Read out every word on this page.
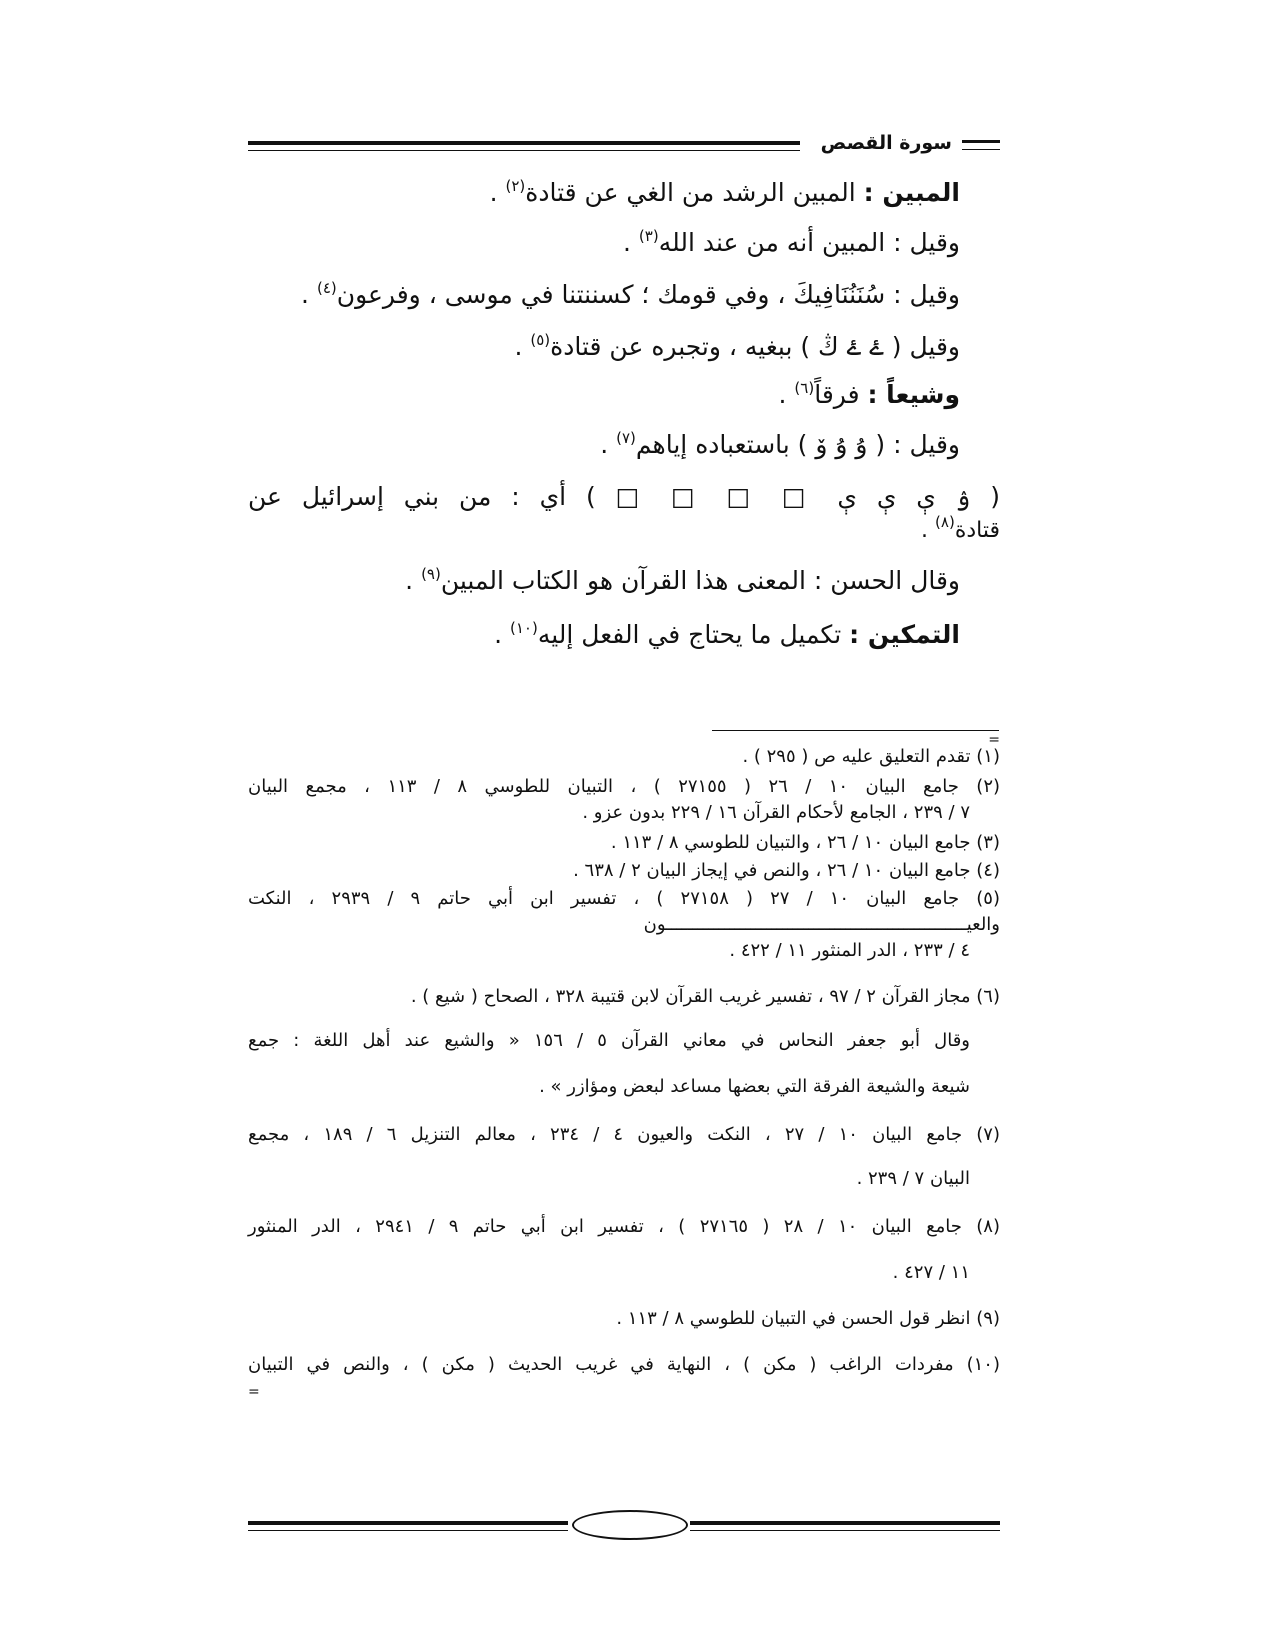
سورة القصص
المبين : المبين الرشد من الغي عن قتادة$^{(٢)}$ .
وقيل : المبين أنه من عند الله$^{(٣)}$ .
وقيل : سُنَنُنَافِيكَ ، وفي قومك ؛ كسننتنا في موسى ، وفرعون$^{(٤)}$ .
وقيل ( ۓ ۓ ﯓ ) ببغيه ، وتجبره عن قتادة$^{(٥)}$ .
وشيعاً : فرقاً$^{(٦)}$ .
وقيل : ( ۇ ۇ ۆ ) باستعباده إياهم$^{(٧)}$ .
( ۉ ې ې ې □ □ □ □ ) أي : من بني إسرائيل عن
قتادة$^{(٨)}$ .
وقال الحسن : المعنى هذا القرآن هو الكتاب المبين$^{(٩)}$ .
التمكين : تكميل ما يحتاج في الفعل إليه$^{(١٠)}$ .
=
(١) تقدم التعليق عليه ص ( ٢٩٥ ) .
(٢) جامع البيان ١٠ / ٢٦ ( ٢٧١٥٥ ) ، التبيان للطوسي ٨ / ١١٣ ، مجمع البيان
٧ / ٢٣٩ ، الجامع لأحكام القرآن ١٦ / ٢٢٩ بدون عزو .
(٣) جامع البيان ١٠ / ٢٦ ، والتبيان للطوسي ٨ / ١١٣ .
(٤) جامع البيان ١٠ / ٢٦ ، والنص في إيجاز البيان ٢ / ٦٣٨ .
(٥) جامع البيان ١٠ / ٢٧ ( ٢٧١٥٨ ) ، تفسير ابن أبي حاتم ٩ / ٢٩٣٩ ، النكت
والعيـــــــــــــــــــــــــــــــــــــــــــــــــــــــــون
٤ / ٢٣٣ ، الدر المنثور ١١ / ٤٢٢ .
(٦) مجاز القرآن ٢ / ٩٧ ، تفسير غريب القرآن لابن قتيبة ٣٢٨ ، الصحاح ( شيع ) .
وقال أبو جعفر النحاس في معاني القرآن ٥ / ١٥٦ « والشيع عند أهل اللغة : جمع
شيعة والشيعة الفرقة التي بعضها مساعد لبعض ومؤازر » .
(٧) جامع البيان ١٠ / ٢٧ ، النكت والعيون ٤ / ٢٣٤ ، معالم التنزيل ٦ / ١٨٩ ، مجمع
البيان ٧ / ٢٣٩ .
(٨) جامع البيان ١٠ / ٢٨ ( ٢٧١٦٥ ) ، تفسير ابن أبي حاتم ٩ / ٢٩٤١ ، الدر المنثور
١١ / ٤٢٧ .
(٩) انظر قول الحسن في التبيان للطوسي ٨ / ١١٣ .
(١٠) مفردات الراغب ( مكن ) ، النهاية في غريب الحديث ( مكن ) ، والنص في التبيان
=
